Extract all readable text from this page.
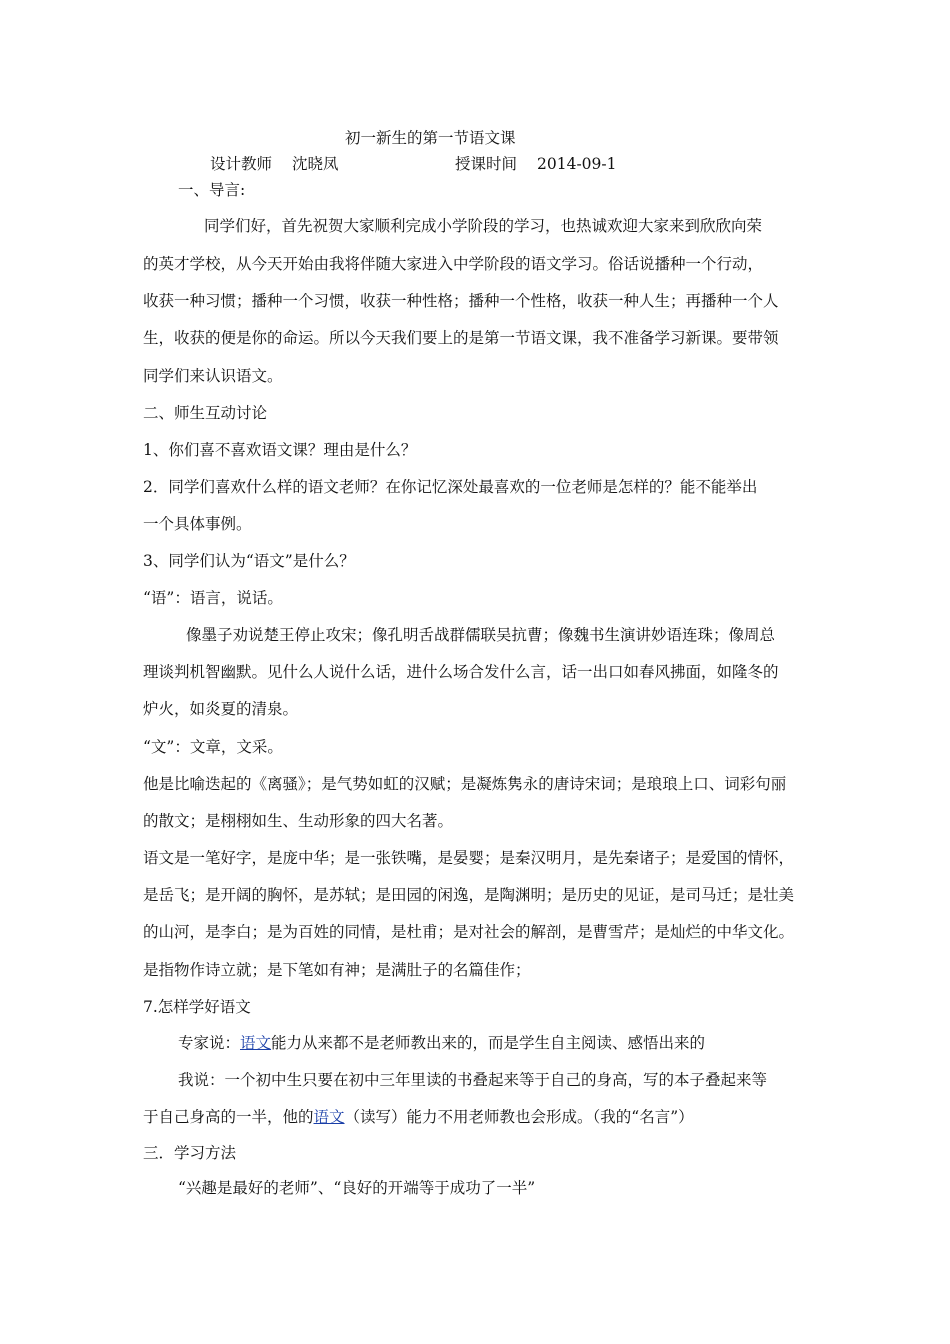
初一新生的第一节语文课
设计教师 沈晓凤	授课时间 2014-09-1
一、导言:
同学们好，首先祝贺大家顺利完成小学阶段的学习，也热诚欢迎大家来到欣欣向荣
的英才学校，从今天开始由我将伴随大家进入中学阶段的语文学习。俗话说播种一个行动，
收获一种习惯；播种一个习惯，收获一种性格；播种一个性格，收获一种人生；再播种一个人
生，收获的便是你的命运。所以今天我们要上的是第一节语文课，我不准备学习新课。要带领
同学们来认识语文。
二、师生互动讨论
1、你们喜不喜欢语文课？理由是什么？
2．同学们喜欢什么样的语文老师？在你记忆深处最喜欢的一位老师是怎样的？能不能举出
一个具体事例。
3、同学们认为“语文”是什么？
“语”：语言，说话。
像墨子劝说楚王停止攻宋；像孔明舌战群儒联吴抗曹；像魏书生演讲妙语连珠；像周总
理谈判机智幽默。见什么人说什么话，进什么场合发什么言，话一出口如春风拂面，如隆冬的
炉火，如炎夏的清泉。
“文”：文章，文采。
他是比喻迭起的《离骚》；是气势如虹的汉赋；是凝炼隽永的唐诗宋词；是琅琅上口、词彩句丽
的散文；是栩栩如生、生动形象的四大名著。
语文是一笔好字，是庞中华；是一张铁嘴，是晏婴；是秦汉明月，是先秦诸子；是爱国的情怀，
是岳飞；是开阔的胸怀，是苏轼；是田园的闲逸，是陶渊明；是历史的见证，是司马迁；是壮美
的山河，是李白；是为百姓的同情，是杜甫；是对社会的解剖，是曹雪芹；是灿烂的中华文化。
是指物作诗立就；是下笔如有神；是满肚子的名篇佳作；
7.怎样学好语文
专家说：语文能力从来都不是老师教出来的，而是学生自主阅读、感悟出来的
我说：一个初中生只要在初中三年里读的书叠起来等于自己的身高，写的本子叠起来等
于自己身高的一半，他的语文（读写）能力不用老师教也会形成。（我的“名言”）
三．学习方法
“兴趣是最好的老师”、“良好的开端等于成功了一半”
